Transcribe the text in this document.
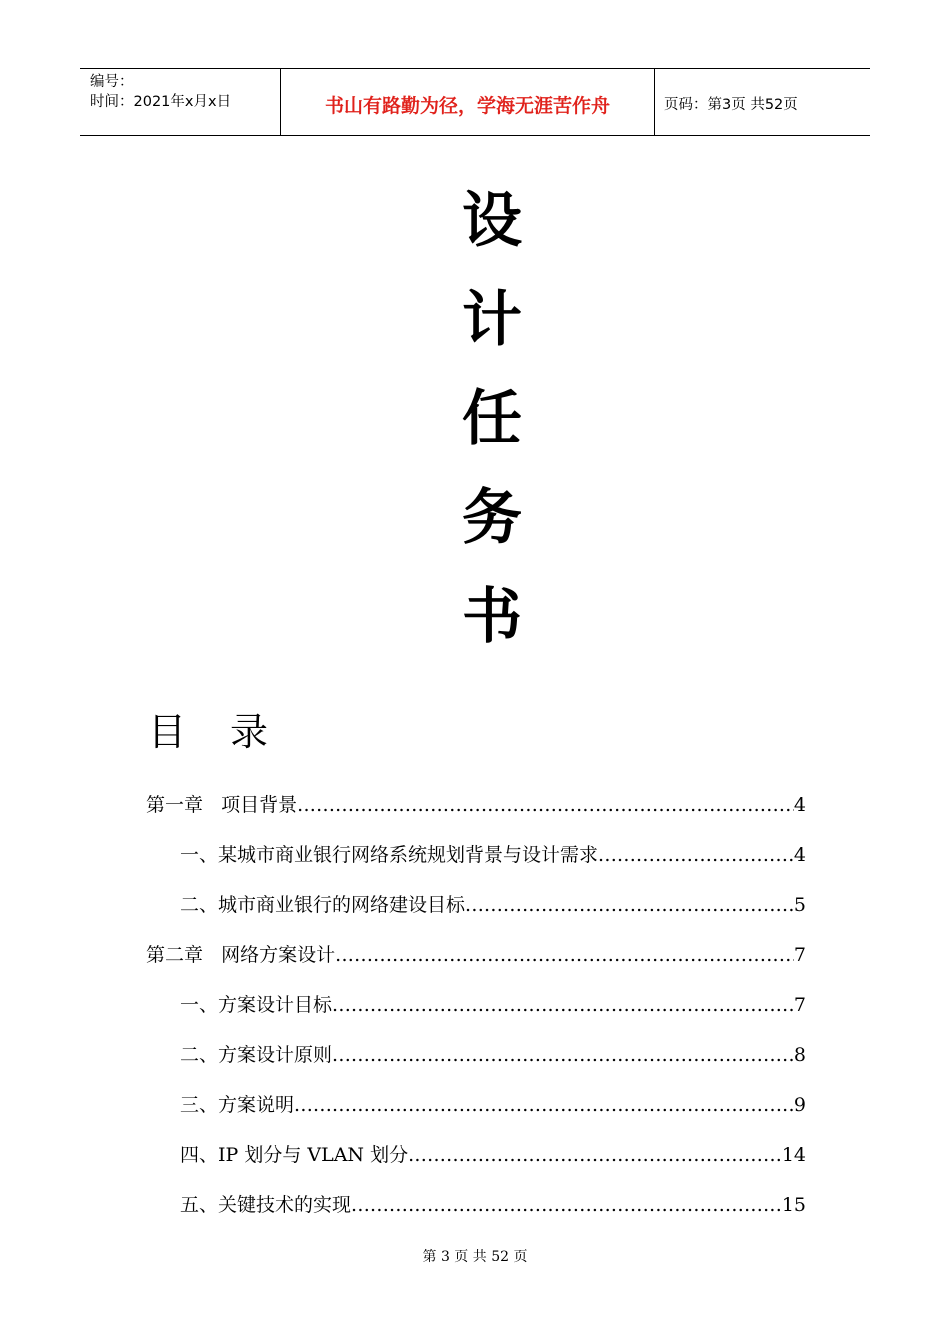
编号：
时间：2021年x月x日	书山有路勤为径，学海无涯苦作舟	页码：第3页 共52页
设
计
任
务
书
目 录
第一章   项目背景 .....	4
一、某城市商业银行网络系统规划背景与设计需求 .....	4
二、城市商业银行的网络建设目标 .....	5
第二章   网络方案设计 .....	7
一、方案设计目标 .....	7
二、方案设计原则 .....	8
三、方案说明 .....	9
四、IP 划分与 VLAN 划分 .....	14
五、关键技术的实现 .....	15
第 3 页 共 52 页
